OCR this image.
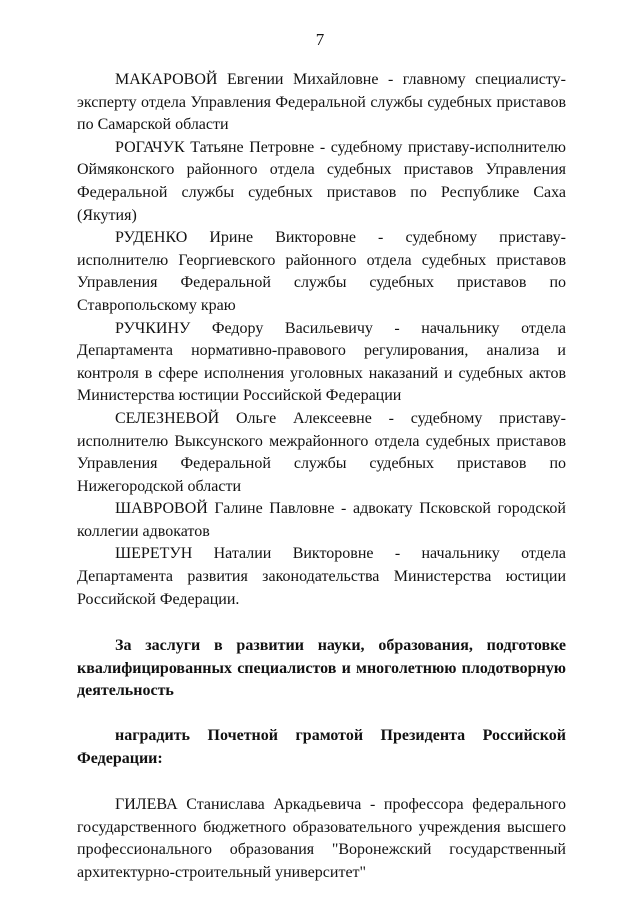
7

МАКАРОВОЙ Евгении Михайловне - главному специалисту-эксперту отдела Управления Федеральной службы судебных приставов по Самарской области

РОГАЧУК Татьяне Петровне - судебному приставу-исполнителю Оймяконского районного отдела судебных приставов Управления Федеральной службы судебных приставов по Республике Саха (Якутия)

РУДЕНКО Ирине Викторовне - судебному приставу-исполнителю Георгиевского районного отдела судебных приставов Управления Федеральной службы судебных приставов по Ставропольскому краю

РУЧКИНУ Федору Васильевичу - начальнику отдела Департамента нормативно-правового регулирования, анализа и контроля в сфере исполнения уголовных наказаний и судебных актов Министерства юстиции Российской Федерации

СЕЛЕЗНЕВОЙ Ольге Алексеевне - судебному приставу-исполнителю Выксунского межрайонного отдела судебных приставов Управления Федеральной службы судебных приставов по Нижегородской области

ШАВРОВОЙ Галине Павловне - адвокату Псковской городской коллегии адвокатов

ШЕРЕТУН Наталии Викторовне - начальнику отдела Департамента развития законодательства Министерства юстиции Российской Федерации.

За заслуги в развитии науки, образования, подготовке квалифицированных специалистов и многолетнюю плодотворную деятельность

наградить Почетной грамотой Президента Российской Федерации:

ГИЛЕВА Станислава Аркадьевича - профессора федерального государственного бюджетного образовательного учреждения высшего профессионального образования "Воронежский государственный архитектурно-строительный университет"
